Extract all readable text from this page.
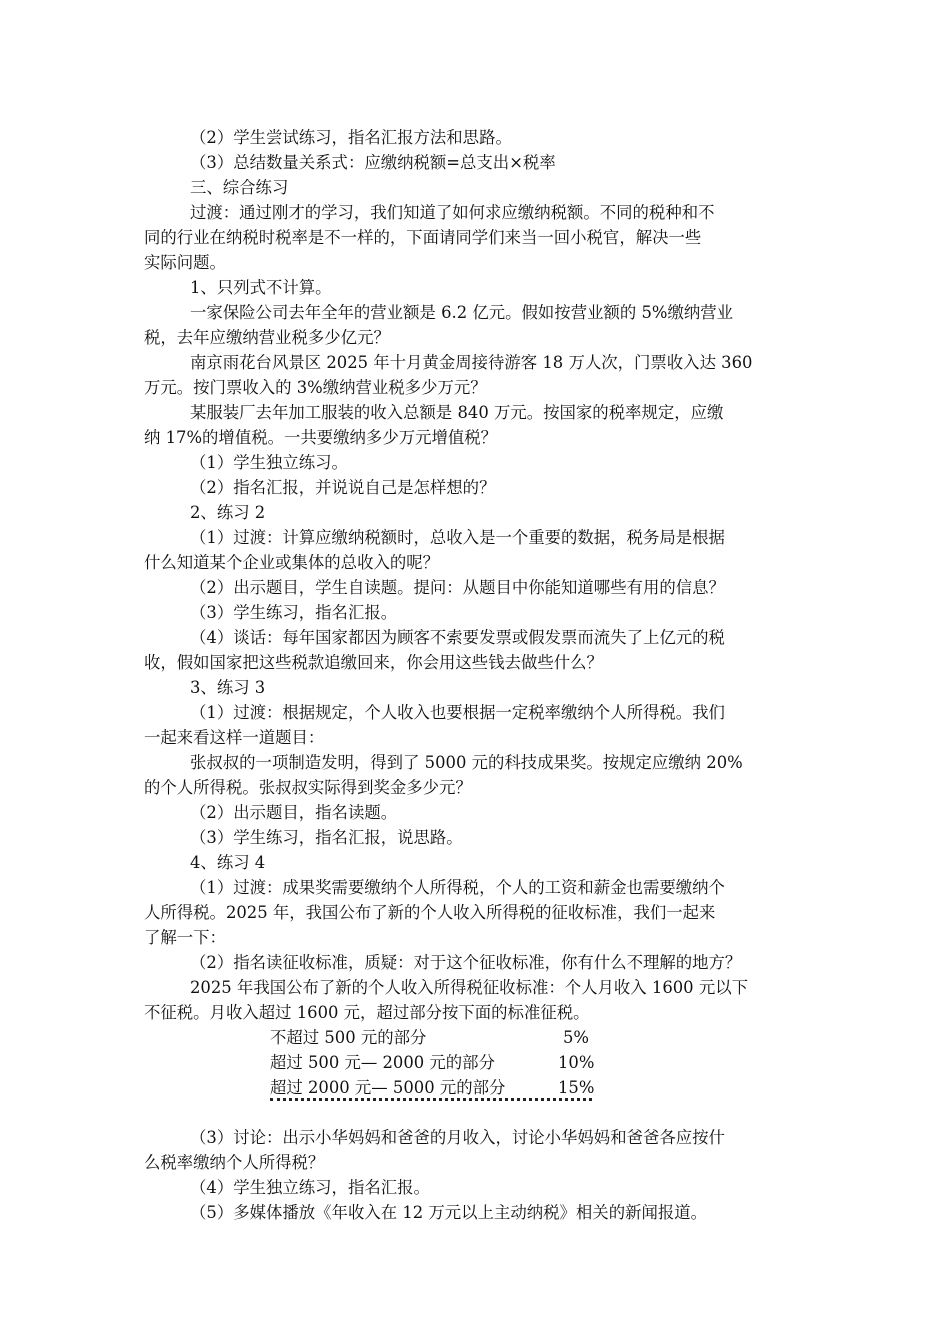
（2）学生尝试练习，指名汇报方法和思路。
（3）总结数量关系式：应缴纳税额=总支出×税率
三、综合练习
过渡：通过刚才的学习，我们知道了如何求应缴纳税额。不同的税种和不
同的行业在纳税时税率是不一样的，下面请同学们来当一回小税官，解决一些
实际问题。
1、只列式不计算。
一家保险公司去年全年的营业额是 6.2 亿元。假如按营业额的 5%缴纳营业
税，去年应缴纳营业税多少亿元？
南京雨花台风景区 2025 年十月黄金周接待游客 18 万人次，门票收入达 360
万元。按门票收入的 3%缴纳营业税多少万元？
某服装厂去年加工服装的收入总额是 840 万元。按国家的税率规定，应缴
纳 17%的增值税。一共要缴纳多少万元增值税？
（1）学生独立练习。
（2）指名汇报，并说说自己是怎样想的？
2、练习 2
（1）过渡：计算应缴纳税额时，总收入是一个重要的数据，税务局是根据
什么知道某个企业或集体的总收入的呢？
（2）出示题目，学生自读题。提问：从题目中你能知道哪些有用的信息？
（3）学生练习，指名汇报。
（4）谈话：每年国家都因为顾客不索要发票或假发票而流失了上亿元的税
收，假如国家把这些税款追缴回来，你会用这些钱去做些什么？
3、练习 3
（1）过渡：根据规定，个人收入也要根据一定税率缴纳个人所得税。我们
一起来看这样一道题目：
张叔叔的一项制造发明，得到了 5000 元的科技成果奖。按规定应缴纳 20%
的个人所得税。张叔叔实际得到奖金多少元？
（2）出示题目，指名读题。
（3）学生练习，指名汇报，说思路。
4、练习 4
（1）过渡：成果奖需要缴纳个人所得税，个人的工资和薪金也需要缴纳个
人所得税。2025 年，我国公布了新的个人收入所得税的征收标准，我们一起来
了解一下：
（2）指名读征收标准，质疑：对于这个征收标准，你有什么不理解的地方？
2025 年我国公布了新的个人收入所得税征收标准：个人月收入 1600 元以下
不征税。月收入超过 1600 元，超过部分按下面的标准征税。
不超过 500 元的部分	5%
超过 500 元— 2000 元的部分	10%
超过 2000 元— 5000 元的部分	15%
（3）讨论：出示小华妈妈和爸爸的月收入，讨论小华妈妈和爸爸各应按什
么税率缴纳个人所得税？
（4）学生独立练习，指名汇报。
（5）多媒体播放《年收入在 12 万元以上主动纳税》相关的新闻报道。
